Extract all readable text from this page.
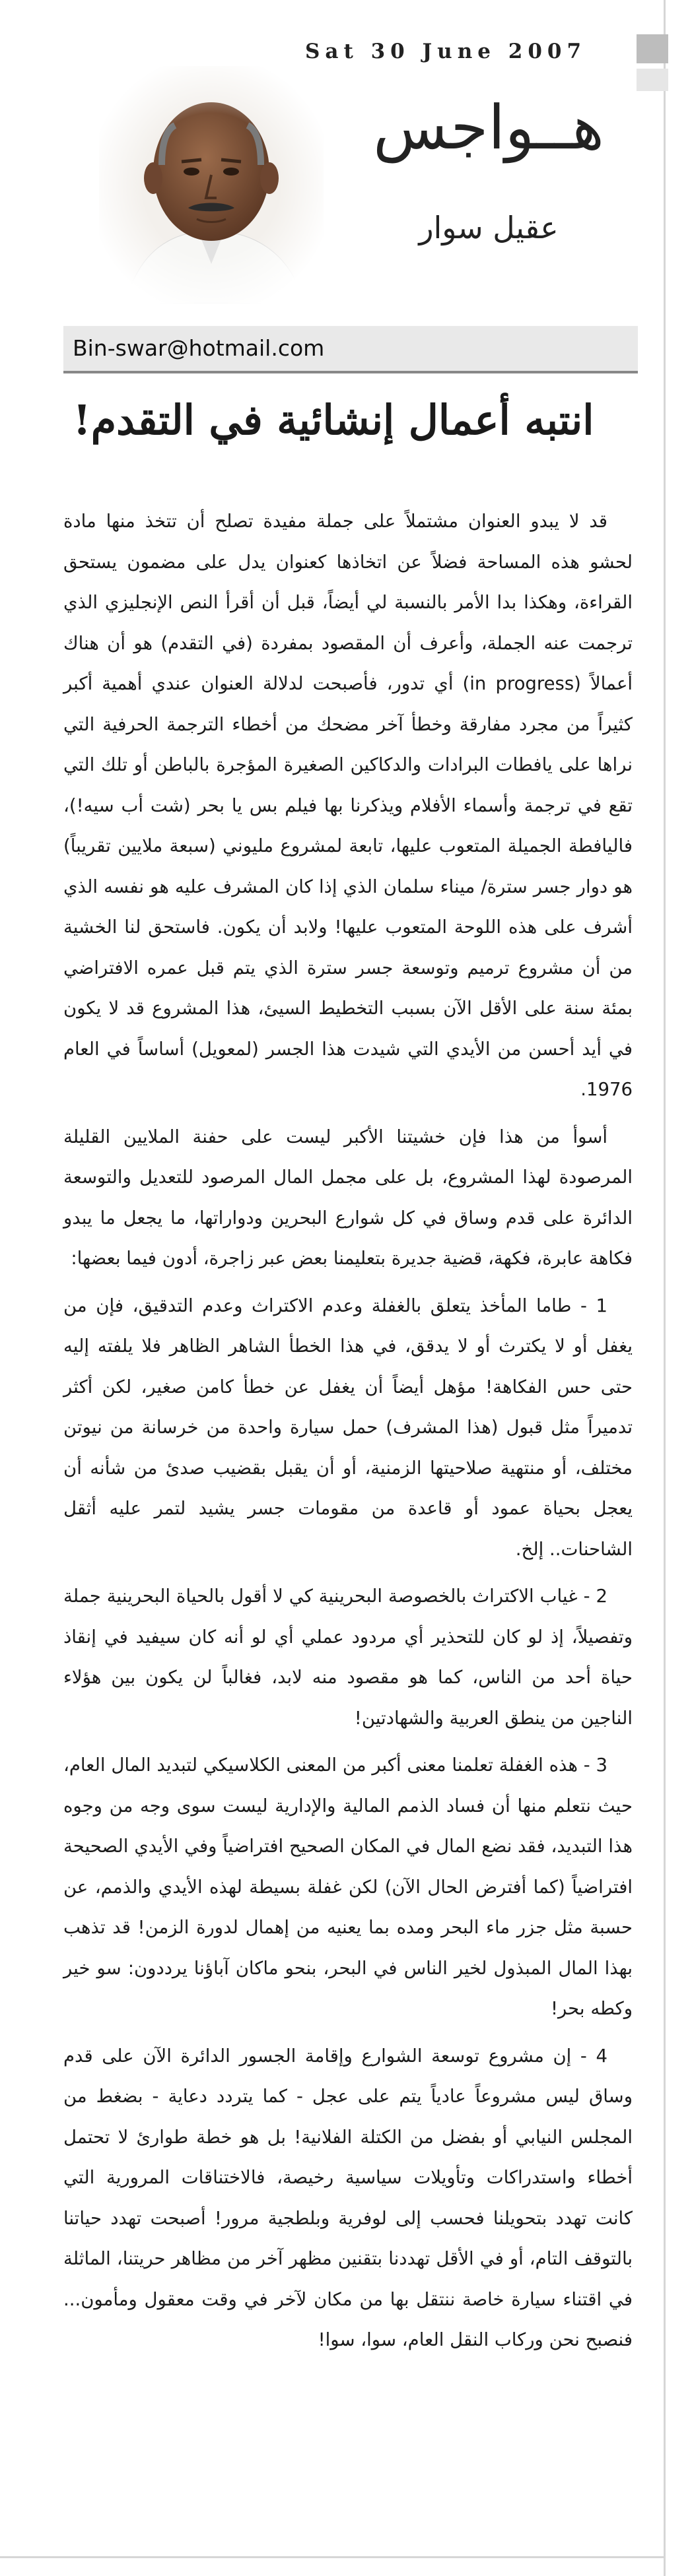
Sat 30 June 2007
هــواجس
عقيل سوار
Bin-swar@hotmail.com
انتبه أعمال إنشائية في التقدم!

قد لا يبدو العنوان مشتملاً على جملة مفيدة تصلح أن تتخذ منها مادة لحشو هذه المساحة فضلاً عن اتخاذها كعنوان يدل على مضمون يستحق القراءة، وهكذا بدا الأمر بالنسبة لي أيضاً، قبل أن أقرأ النص الإنجليزي الذي ترجمت عنه الجملة، وأعرف أن المقصود بمفردة (في التقدم) هو أن هناك أعمالاً (in progress) أي تدور، فأصبحت لدلالة العنوان عندي أهمية أكبر كثيراً من مجرد مفارقة وخطأ آخر مضحك من أخطاء الترجمة الحرفية التي نراها على يافطات البرادات والدكاكين الصغيرة المؤجرة بالباطن أو تلك التي تقع في ترجمة وأسماء الأفلام ويذكرنا بها فيلم بس يا بحر (شت أب سيه!)، فاليافطة الجميلة المتعوب عليها، تابعة لمشروع مليوني (سبعة ملايين تقريباً) هو دوار جسر سترة/ ميناء سلمان الذي إذا كان المشرف عليه هو نفسه الذي أشرف على هذه اللوحة المتعوب عليها! ولابد أن يكون. فاستحق لنا الخشية من أن مشروع ترميم وتوسعة جسر سترة الذي يتم قبل عمره الافتراضي بمئة سنة على الأقل الآن بسبب التخطيط السيئ، هذا المشروع قد لا يكون في أيد أحسن من الأيدي التي شيدت هذا الجسر (لمعويل) أساساً في العام 1976.

أسوأ من هذا فإن خشيتنا الأكبر ليست على حفنة الملايين القليلة المرصودة لهذا المشروع، بل على مجمل المال المرصود للتعديل والتوسعة الدائرة على قدم وساق في كل شوارع البحرين ودواراتها، ما يجعل ما يبدو فكاهة عابرة، فكهة، قضية جديرة بتعليمنا بعض عبر زاجرة، أدون فيما بعضها:

1 - طاما المأخذ يتعلق بالغفلة وعدم الاكتراث وعدم التدقيق، فإن من يغفل أو لا يكترث أو لا يدقق، في هذا الخطأ الشاهر الظاهر فلا يلفته إليه حتى حس الفكاهة! مؤهل أيضاً أن يغفل عن خطأ كامن صغير، لكن أكثر تدميراً مثل قبول (هذا المشرف) حمل سيارة واحدة من خرسانة من نيوتن مختلف، أو منتهية صلاحيتها الزمنية، أو أن يقبل بقضيب صدئ من شأنه أن يعجل بحياة عمود أو قاعدة من مقومات جسر يشيد لتمر عليه أثقل الشاحنات.. إلخ.

2 - غياب الاكتراث بالخصوصة البحرينية كي لا أقول بالحياة البحرينية جملة وتفصيلاً، إذ لو كان للتحذير أي مردود عملي أي لو أنه كان سيفيد في إنقاذ حياة أحد من الناس، كما هو مقصود منه لابد، فغالباً لن يكون بين هؤلاء الناجين من ينطق العربية والشهادتين!

3 - هذه الغفلة تعلمنا معنى أكبر من المعنى الكلاسيكي لتبديد المال العام، حيث نتعلم منها أن فساد الذمم المالية والإدارية ليست سوى وجه من وجوه هذا التبديد، فقد نضع المال في المكان الصحيح افتراضياً وفي الأيدي الصحيحة افتراضياً (كما أفترض الحال الآن) لكن غفلة بسيطة لهذه الأيدي والذمم، عن حسبة مثل جزر ماء البحر ومده بما يعنيه من إهمال لدورة الزمن! قد تذهب بهذا المال المبذول لخير الناس في البحر، بنحو ماكان آباؤنا يرددون: سو خير وكطه بحر!

4 - إن مشروع توسعة الشوارع وإقامة الجسور الدائرة الآن على قدم وساق ليس مشروعاً عادياً يتم على عجل - كما يتردد دعاية - بضغط من المجلس النيابي أو بفضل من الكتلة الفلانية! بل هو خطة طوارئ لا تحتمل أخطاء واستدراكات وتأويلات سياسية رخيصة، فالاختناقات المرورية التي كانت تهدد بتحويلنا فحسب إلى لوفرية وبلطجية مرور! أصبحت تهدد حياتنا بالتوقف التام، أو في الأقل تهددنا بتقنين مظهر آخر من مظاهر حريتنا، الماثلة في اقتناء سيارة خاصة ننتقل بها من مكان لآخر في وقت معقول ومأمون... فنصبح نحن وركاب النقل العام، سوا، سوا!
